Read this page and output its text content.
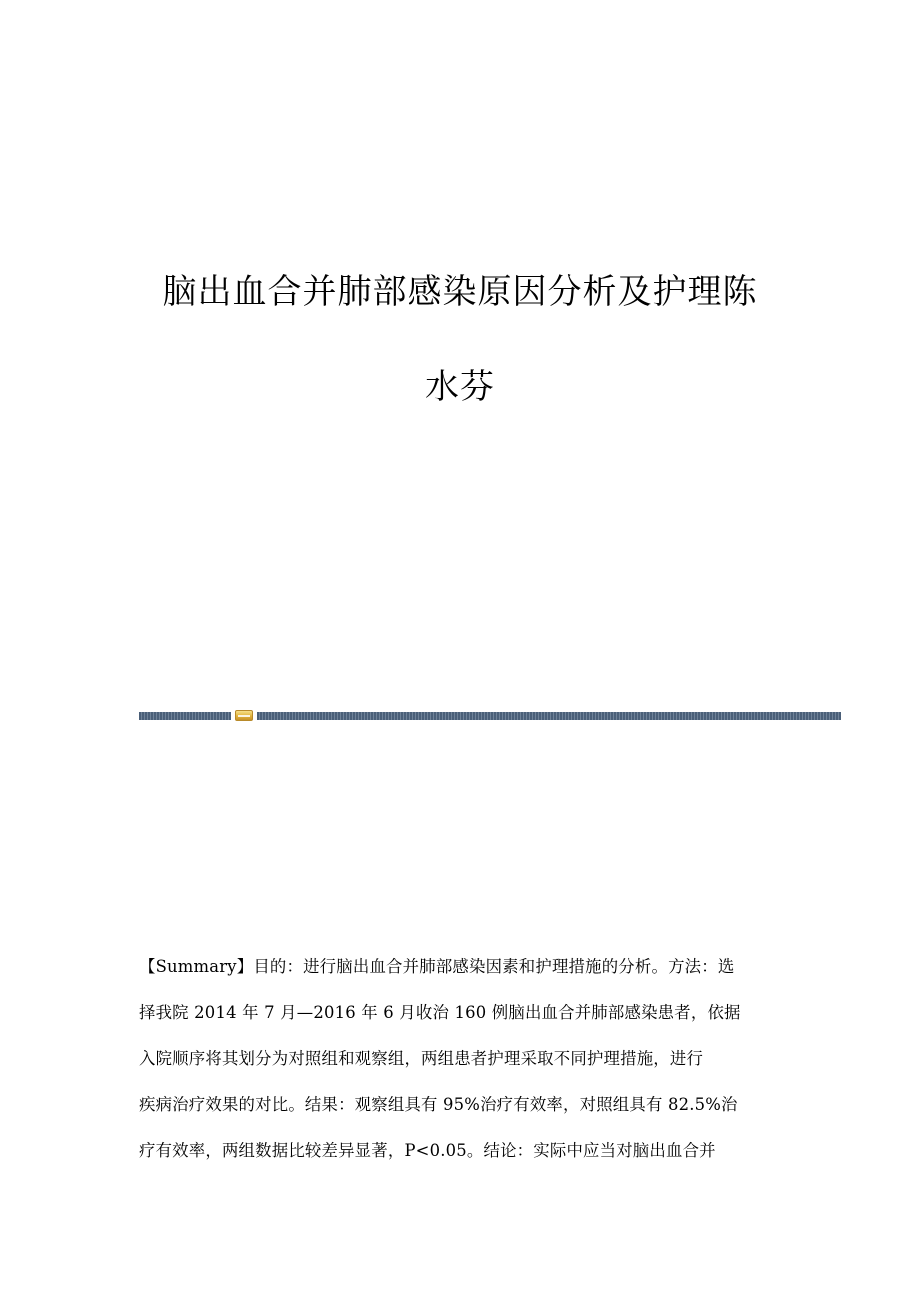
脑出血合并肺部感染原因分析及护理陈
水芬
【Summary】目的：进行脑出血合并肺部感染因素和护理措施的分析。方法：选
择我院 2014 年 7 月—2016 年 6 月收治 160 例脑出血合并肺部感染患者，依据
入院顺序将其划分为对照组和观察组，两组患者护理采取不同护理措施，进行
疾病治疗效果的对比。结果：观察组具有 95%治疗有效率，对照组具有 82.5%治
疗有效率，两组数据比较差异显著，P<0.05。结论：实际中应当对脑出血合并
